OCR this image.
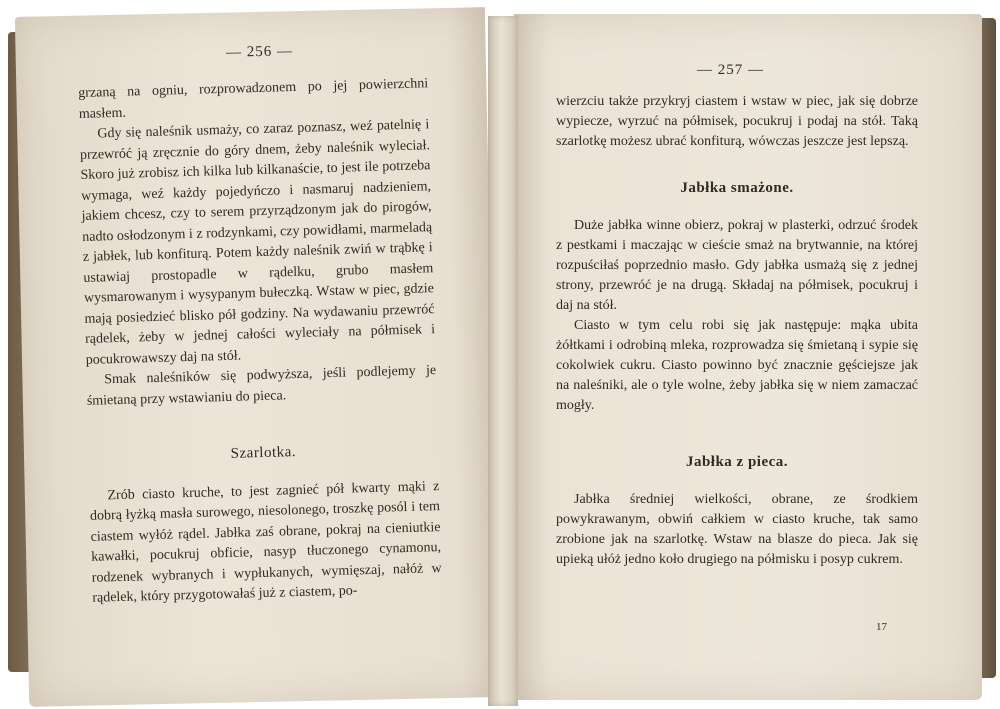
— 256 —

grzaną na ogniu, rozprowadzonem po jej powierzchni masłem.

Gdy się naleśnik usmaży, co zaraz poznasz, weź patelnię i przewróć ją zręcznie do góry dnem, żeby naleśnik wyleciał. Skoro już zrobisz ich kilka lub kilkanaście, to jest ile potrzeba wymaga, weź każdy pojedyńczo i nasmaruj nadzieniem, jakiem chcesz, czy to serem przyrządzonym jak do pirogów, nadto osłodzonym i z rodzynkami, czy powidłami, marmeladą z jabłek, lub konfiturą. Potem każdy naleśnik zwiń w trąbkę i ustawiaj prostopadle w rądelku, grubo masłem wysmarowanym i wysypanym bułeczką. Wstaw w piec, gdzie mają posiedzieć blisko pół godziny. Na wydawaniu przewróć rądelek, żeby w jednej całości wyleciały na półmisek i pocukrowawszy daj na stół.

Smak naleśników się podwyższa, jeśli podlejemy je śmietaną przy wstawianiu do pieca.

Szarlotka.

Zrób ciasto kruche, to jest zagnieć pół kwarty mąki z dobrą łyżką masła surowego, niesolonego, troszkę posól i tem ciastem wyłóż rądel. Jabłka zaś obrane, pokraj na cieniutkie kawałki, pocukruj obficie, nasyp tłuczonego cynamonu, rodzenek wybranych i wypłukanych, wymięszaj, nałóż w rądelek, który przygotowałaś już z ciastem, po-

— 257 —

wierzciu także przykryj ciastem i wstaw w piec, jak się dobrze wypiecze, wyrzuć na półmisek, pocukruj i podaj na stół. Taką szarlotkę możesz ubrać konfiturą, wówczas jeszcze jest lepszą.

Jabłka smażone.

Duże jabłka winne obierz, pokraj w plasterki, odrzuć środek z pestkami i maczając w cieście smaż na brytwannie, na której rozpuściłaś poprzednio masło. Gdy jabłka usmażą się z jednej strony, przewróć je na drugą. Składaj na półmisek, pocukruj i daj na stół.

Ciasto w tym celu robi się jak następuje: mąka ubita żółtkami i odrobiną mleka, rozprowadza się śmietaną i sypie się cokolwiek cukru. Ciasto powinno być znacznie gęściejsze jak na naleśniki, ale o tyle wolne, żeby jabłka się w niem zamaczać mogły.

Jabłka z pieca.

Jabłka średniej wielkości, obrane, ze środkiem powykrawanym, obwiń całkiem w ciasto kruche, tak samo zrobione jak na szarlotkę. Wstaw na blasze do pieca. Jak się upieką ułóż jedno koło drugiego na półmisku i posyp cukrem.

17
